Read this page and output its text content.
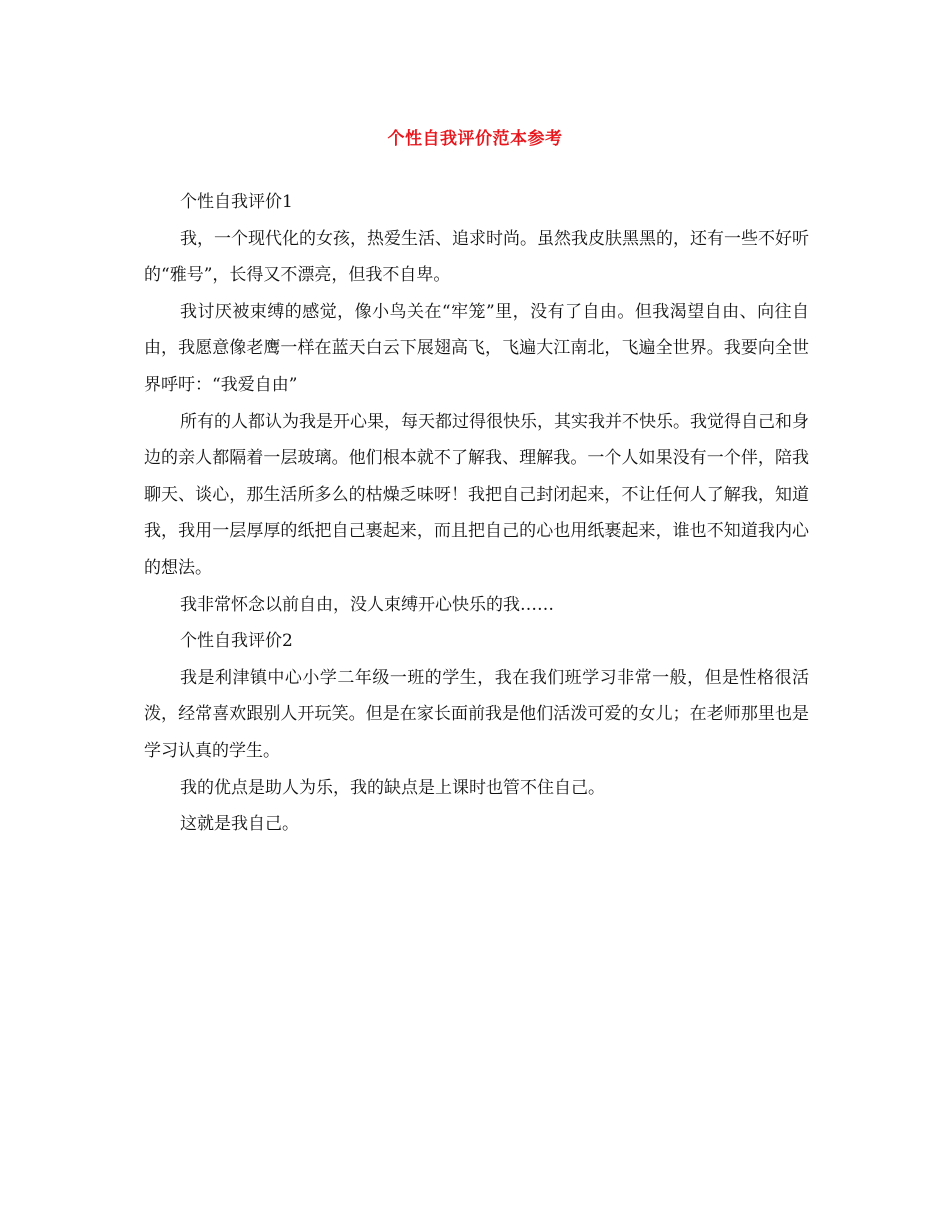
个性自我评价范本参考

个性自我评价1

我，一个现代化的女孩，热爱生活、追求时尚。虽然我皮肤黑黑的，还有一些不好听的“雅号”，长得又不漂亮，但我不自卑。

我讨厌被束缚的感觉，像小鸟关在“牢笼”里，没有了自由。但我渴望自由、向往自由，我愿意像老鹰一样在蓝天白云下展翅高飞，飞遍大江南北，飞遍全世界。我要向全世界呼吁：“我爱自由”

所有的人都认为我是开心果，每天都过得很快乐，其实我并不快乐。我觉得自己和身边的亲人都隔着一层玻璃。他们根本就不了解我、理解我。一个人如果没有一个伴，陪我聊天、谈心，那生活所多么的枯燥乏味呀！我把自己封闭起来，不让任何人了解我，知道我，我用一层厚厚的纸把自己裹起来，而且把自己的心也用纸裹起来，谁也不知道我内心的想法。

我非常怀念以前自由，没人束缚开心快乐的我……

个性自我评价2

我是利津镇中心小学二年级一班的学生，我在我们班学习非常一般，但是性格很活泼，经常喜欢跟别人开玩笑。但是在家长面前我是他们活泼可爱的女儿；在老师那里也是学习认真的学生。

我的优点是助人为乐，我的缺点是上课时也管不住自己。

这就是我自己。
